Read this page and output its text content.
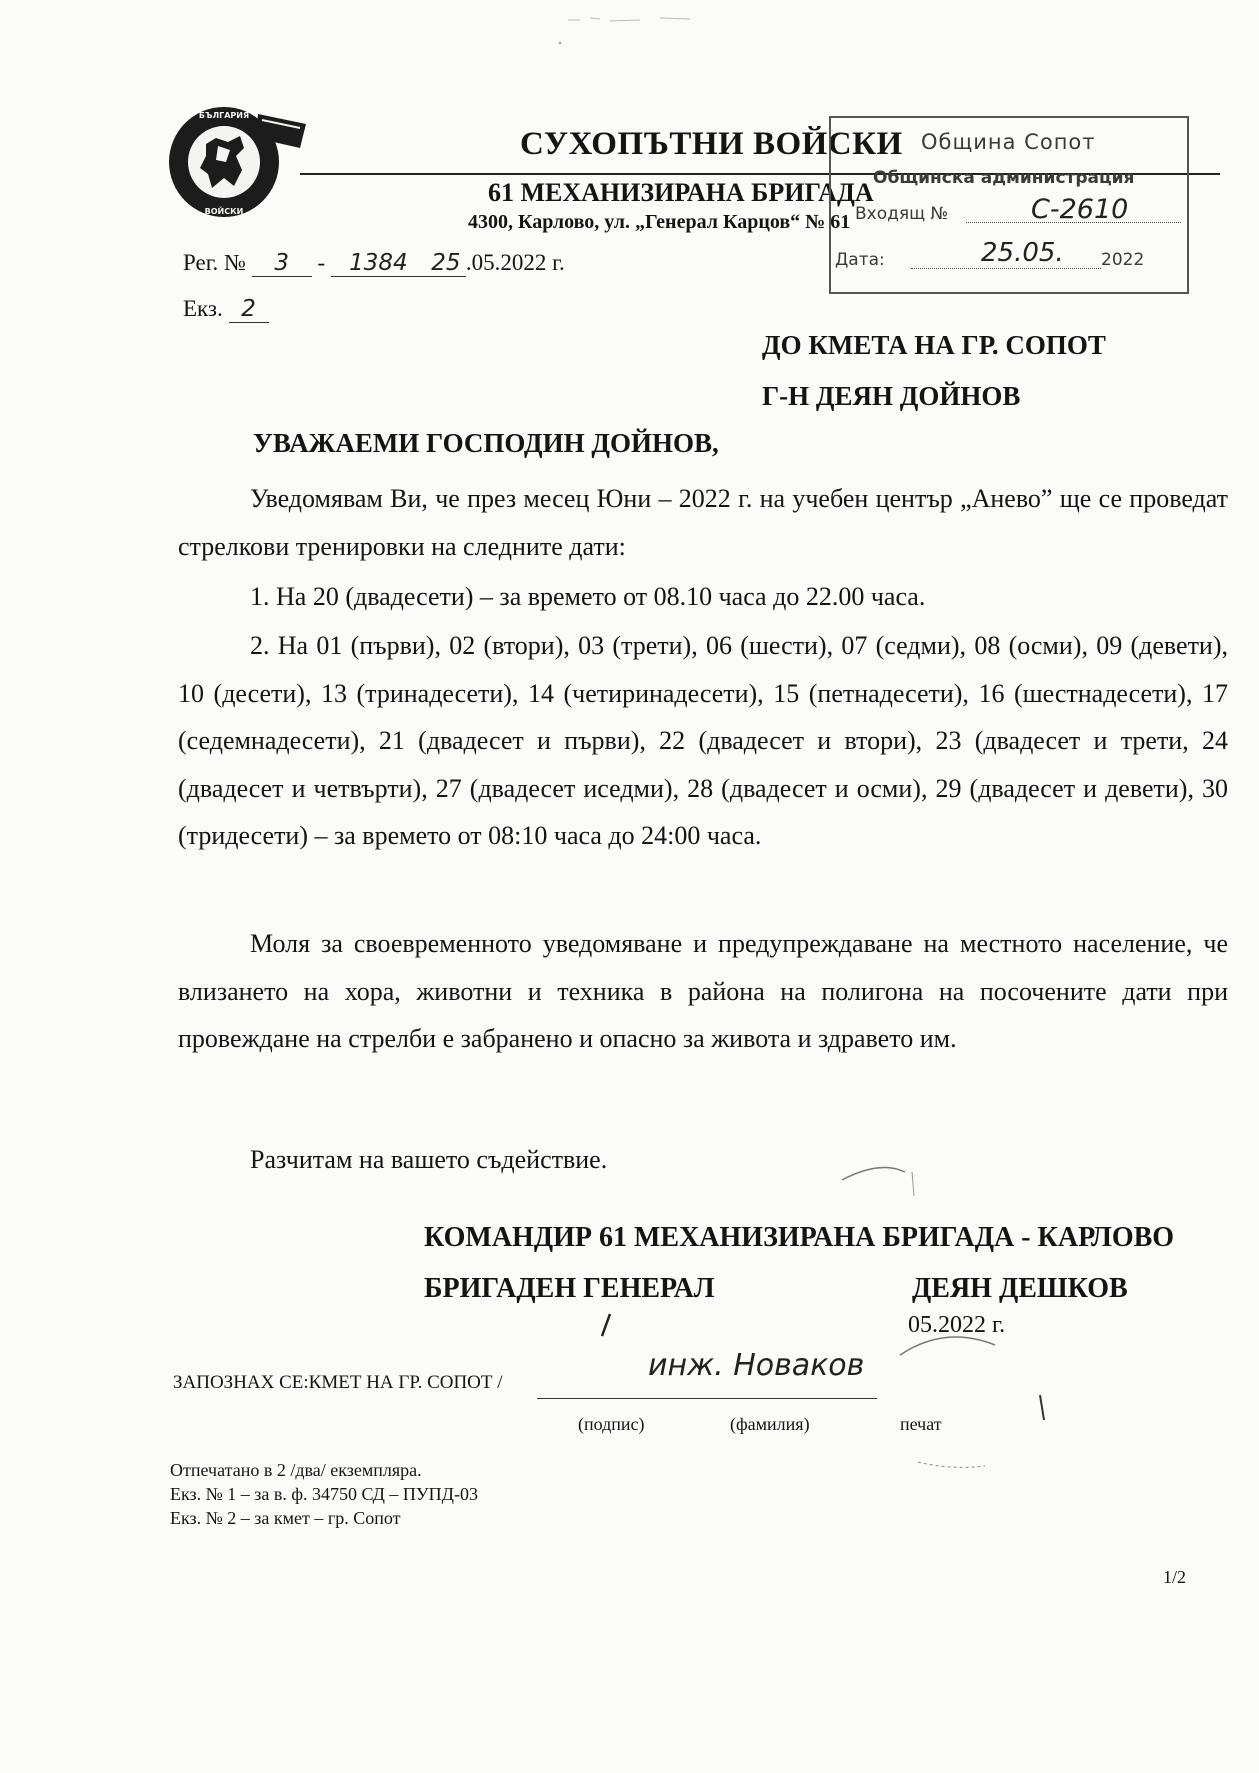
БЪЛГАРИЯ
ВОЙСКИ
СУХОПЪТНИ ВОЙСКИ
61 МЕХАНИЗИРАНА БРИГАДА
4300, Карлово, ул. „Генерал Карцов“ № 61
Рег. № 3 - 1384 25 .05.2022 г.
Екз. 2
Община Сопот
Общинска администрация
Входящ №	С-2610
Дата:	25.05. 2022
ДО КМЕТА НА ГР. СОПОТ
Г-Н ДЕЯН ДОЙНОВ
УВАЖАЕМИ ГОСПОДИН ДОЙНОВ,
Уведомявам Ви, че през месец Юни – 2022 г. на учебен център „Анево” ще се проведат стрелкови тренировки на следните дати:
1. На 20 (двадесети) – за времето от 08.10 часа до 22.00 часа.
2. На 01 (първи), 02 (втори), 03 (трети), 06 (шести), 07 (седми), 08 (осми), 09 (девети), 10 (десети), 13 (тринадесети), 14 (четиринадесети), 15 (петнадесети), 16 (шестнадесети), 17 (седемнадесети), 21 (двадесет и първи), 22 (двадесет и втори), 23 (двадесет и трети, 24 (двадесет и четвърти), 27 (двадесет иседми), 28 (двадесет и осми), 29 (двадесет и девети), 30 (тридесети) – за времето от 08:10 часа до 24:00 часа.
Моля за своевременното уведомяване и предупреждаване на местното население, че влизането на хора, животни и техника в района на полигона на посочените дати при провеждане на стрелби е забранено и опасно за живота и здравето им.
Разчитам на вашето съдействие.
КОМАНДИР 61 МЕХАНИЗИРАНА БРИГАДА - КАРЛОВО
БРИГАДЕН ГЕНЕРАЛ	ДЕЯН ДЕШКОВ
05.2022 г.
ЗАПОЗНАХ СЕ:КМЕТ НА ГР. СОПОТ /	инж. Новаков
(подпис)	(фамилия)	печат
Отпечатано в 2 /два/ екземпляра.
Екз. № 1 – за в. ф. 34750 СД – ПУПД-03
Екз. № 2 – за кмет – гр. Сопот
1/2
